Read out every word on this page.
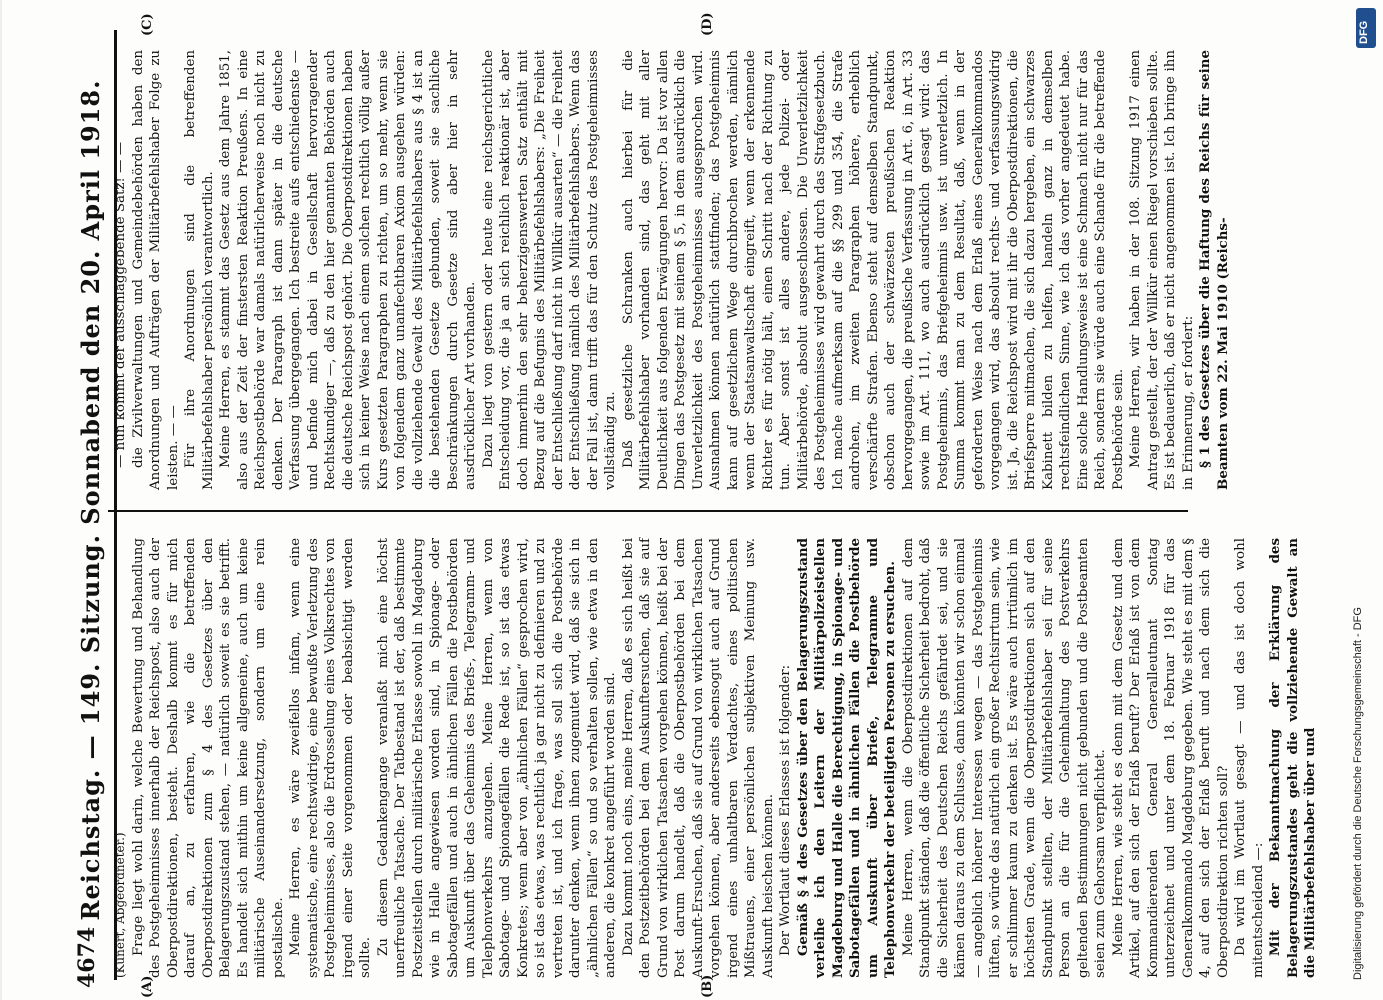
4674
Reichstag. — 149. Sitzung. Sonnabend den 20. April 1918.
(A)	(B)
(C)	(D)

(Kunert, Abgeordneter.) Frage liegt wohl darin, welche Bewertung und Behandlung des Postgeheimnisses innerhalb der Reichspost, also auch der Oberpostdirektionen, besteht. Deshalb kommt es für mich darauf an, zu erfahren, wie die betreffenden Oberpostdirektionen zum § 4 des Gesetzes über den Belagerungszustand stehen, — natürlich soweit es sie betrifft. Es handelt sich mithin um keine allgemeine, auch um keine militärische Auseinandersetzung, sondern um eine rein postalische. Meine Herren, es wäre zweifellos infam, wenn eine systematische, eine rechtswidrige, eine bewußte Verletzung des Postgeheimnisses, also die Erdrosselung eines Volksrechtes von irgend einer Seite vorgenommen oder beabsichtigt werden sollte.

Zu diesem Gedankengange veranlaßt mich eine höchst unerfreuliche Tatsache. Der Tatbestand ist der, daß bestimmte Postzeitstellen durch militärische Erlasse sowohl in Magdeburg wie in Halle angewiesen worden sind, in Spionage- oder Sabotagefällen und auch in ähnlichen Fällen die Postbehörden um Auskunft über das Geheimnis des Briefs-, Telegramm- und Telephonverkehrs anzugehen. Meine Herren, wenn von Sabotage- und Spionagefällen die Rede ist, so ist das etwas Konkretes; wenn aber von „ähnlichen Fällen“ gesprochen wird, so ist das etwas, was rechtlich ja gar nicht zu definieren und zu vertreten ist, und ich frage, was soll sich die Postbehörde darunter denken, wenn ihnen zugemutet wird, daß sie sich in „ähnlichen Fällen“ so und so verhalten sollen, wie etwa in den anderen, die konkret angeführt worden sind. Dazu kommt noch eins, meine Herren, daß es sich heißt bei den Postzeitbehörden bei dem Auskunftersuchen, daß sie auf Grund von wirklichen Tatsachen vorgehen können, heißt bei der Post darum handelt, daß die Oberpostbehörden bei dem Auskunft-Ersuchen, daß sie auf Grund von wirklichen Tatsachen vorgehen können, aber anderseits ebensogut auch auf Grund irgend eines unhaltbaren Verdachtes, eines politischen Mißtrauens, einer persönlichen subjektiven Meinung usw. Auskunft heischen können. Der Wortlaut dieses Erlasses ist folgender: Gemäß § 4 des Gesetzes über den Belagerungszustand verleihe ich den Leitern der Militärpolizeistellen Magdeburg und Halle die Berechtigung, in Spionage- und Sabotagefällen und in ähnlichen Fällen die Postbehörde um Auskunft über Briefe, Telegramme und Telephonverkehr der beteiligten Personen zu ersuchen. Meine Herren, wenn die Oberpostdirektionen auf dem Standpunkt ständen, daß die öffentliche Sicherheit bedroht, daß die Sicherheit des Deutschen Reichs gefährdet sei, und sie kämen daraus zu dem Schlusse, dann könnten wir schon einmal — angeblich höherer Interessen wegen — das Postgeheimnis lüften, so würde das natürlich ein großer Rechtsirrtum sein, wie er schlimmer kaum zu denken ist. Es wäre auch irrtümlich im höchsten Grade, wenn die Oberpostdirektionen sich auf den Standpunkt stellten, der Militärbefehlshaber sei für seine Person an die für die Geheimhaltung des Postverkehrs geltenden Bestimmungen nicht gebunden und die Postbeamten seien zum Gehorsam verpflichtet. Meine Herren, wie steht es denn mit dem Gesetz und dem Artikel, auf den sich der Erlaß beruft? Der Erlaß ist von dem Kommandierenden General Generalleutnant Sontag unterzeichnet und unter dem 18. Februar 1918 für das Generalkommando Magdeburg gegeben. Wie steht es mit dem § 4, auf den sich der Erlaß beruft und nach dem sich die Oberpostdirektion richten soll? Da wird im Wortlaut gesagt — und das ist doch wohl mitentscheidend —: Mit der Bekanntmachung der Erklärung des Belagerungszustandes geht die vollziehende Gewalt an die Militärbefehlshaber über und

— nun kommt der ausschlaggebende Satz! — — die Zivilverwaltungen und Gemeindebehörden haben den Anordnungen und Aufträgen der Militärbefehlshaber Folge zu leisten. — — Für ihre Anordnungen sind die betreffenden Militärbefehlshaber persönlich verantwortlich. Meine Herren, es stammt das Gesetz aus dem Jahre 1851, also aus der Zeit der finstersten Reaktion Preußens. In eine Reichspostbehörde war damals natürlicherweise noch nicht zu denken. Der Paragraph ist dann später in die deutsche Verfassung übergegangen. Ich bestreite aufs entschiedenste — und befinde mich dabei in Gesellschaft hervorragender Rechtskundiger —, daß zu den hier genannten Behörden auch die deutsche Reichspost gehört. Die Oberpostdirektionen haben sich in keiner Weise nach einem solchen rechtlich völlig außer Kurs gesetzten Paragraphen zu richten, um so mehr, wenn sie von folgendem ganz unanfechtbaren Axiom ausgehen würden: die vollziehende Gewalt des Militärbefehlshabers aus § 4 ist an die bestehenden Gesetze gebunden, soweit sie sachliche Beschränkungen durch Gesetze sind aber hier in sehr ausdrücklicher Art vorhanden. Dazu liegt von gestern oder heute eine reichsgerichtliche Entscheidung vor, die ja an sich reichlich reaktionär ist, aber doch immerhin den sehr beherzigenswerten Satz enthält mit Bezug auf die Befugnis des Militärbefehlshabers: „Die Freiheit der Entschließung darf nicht in Willkür ausarten“ — die Freiheit der Entschließung nämlich des Militärbefehlshabers. Wenn das der Fall ist, dann trifft das für den Schutz des Postgeheimnisses vollständig zu. Daß gesetzliche Schranken auch hierbei für die Militärbefehlshaber vorhanden sind, das geht mit aller Deutlichkeit aus folgenden Erwägungen hervor: Da ist vor allen Dingen das Postgesetz mit seinem § 5, in dem ausdrücklich die Unverletzlichkeit des Postgeheimnisses ausgesprochen wird. Ausnahmen können natürlich stattfinden; das Postgeheimnis kann auf gesetzlichem Wege durchbrochen werden, nämlich wenn der Staatsanwaltschaft eingreift, wenn der erkennende Richter es für nötig hält, einen Schritt nach der Richtung zu tun. Aber sonst ist alles andere, jede Polizei- oder Militärbehörde, absolut ausgeschlossen. Die Unverletzlichkeit des Postgeheimnisses wird gewahrt durch das Strafgesetzbuch. Ich mache aufmerksam auf die §§ 299 und 354, die Strafe androhen, im zweiten Paragraphen höhere, erheblich verschärfte Strafen. Ebenso steht auf demselben Standpunkt, obschon auch der schwärzesten preußischen Reaktion hervorgegangen, die preußische Verfassung in Art. 6, in Art. 33 sowie im Art. 111, wo auch ausdrücklich gesagt wird: das Postgeheimnis, das Briefgeheimnis usw. ist unverletzlich. In Summa kommt man zu dem Resultat, daß, wenn in der geforderten Weise nach dem Erlaß eines Generalkommandos vorgegangen wird, das absolut rechts- und verfassungswidrig ist. Ja, die Reichspost wird mit ihr die Oberpostdirektionen, die Briefsperre mitmachen, die sich dazu hergeben, ein schwarzes Kabinett bilden zu helfen, handeln ganz in demselben rechtsfeindlichen Sinne, wie ich das vorher angedeutet habe. Eine solche Handlungsweise ist eine Schmach nicht nur für das Reich, sondern sie würde auch eine Schande für die betreffende Postbehörde sein. Meine Herren, wir haben in der 108. Sitzung 1917 einen Antrag gestellt, der der Willkür einen Riegel vorschieben sollte. Es ist bedauerlich, daß er nicht angenommen ist. Ich bringe ihn in Erinnerung, er fordert: § 1 des Gesetzes über die Haftung des Reichs für seine Beamten vom 22. Mai 1910 (Reichs-

DFG
Digitalisierung gefördert durch die Deutsche Forschungsgemeinschaft - DFG
